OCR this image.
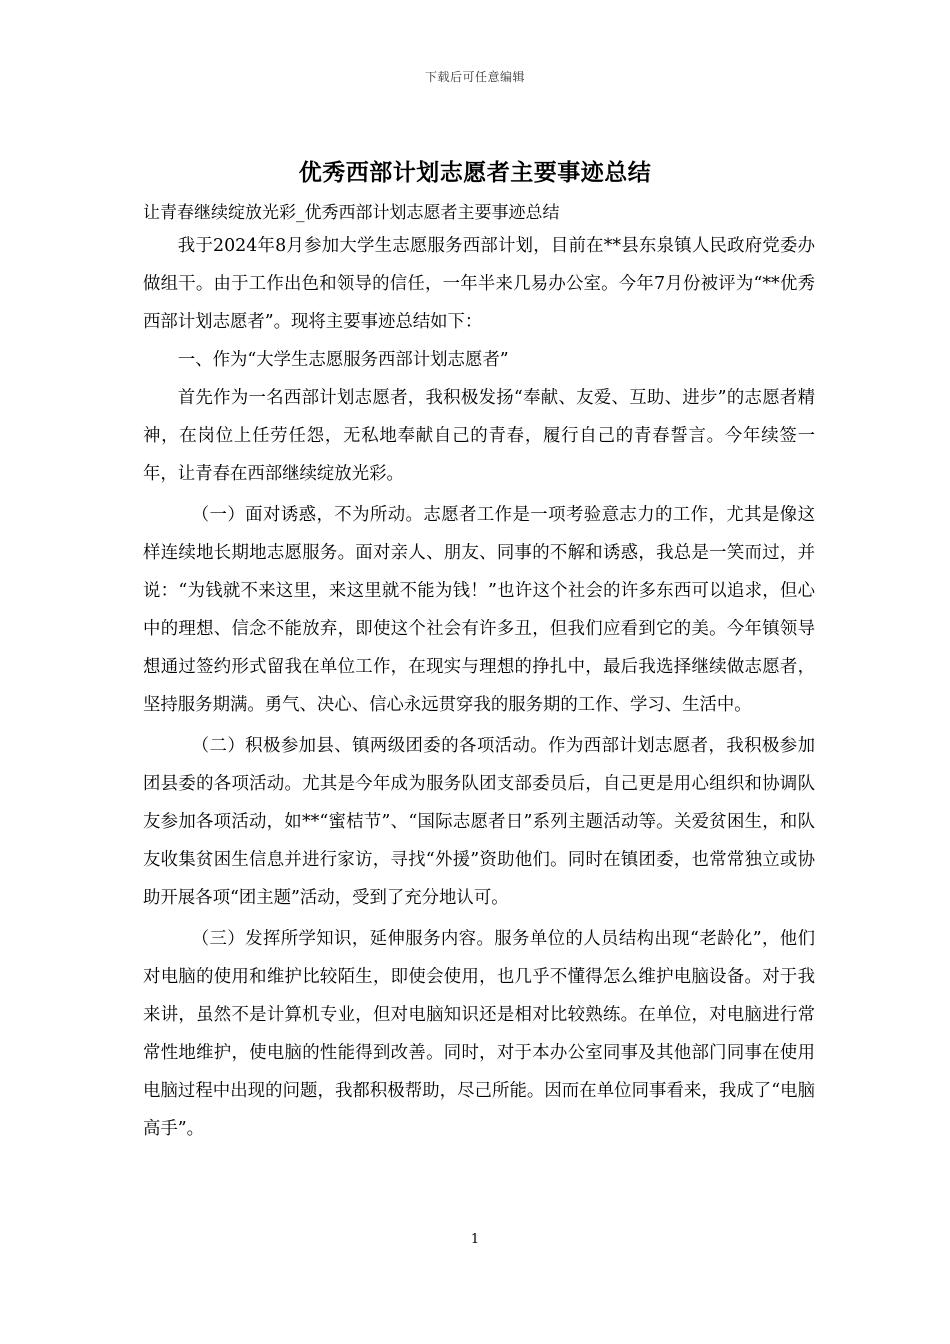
下载后可任意编辑
优秀西部计划志愿者主要事迹总结
让青春继续绽放光彩_优秀西部计划志愿者主要事迹总结

我于2024年8月参加大学生志愿服务西部计划，目前在**县东泉镇人民政府党委办做组干。由于工作出色和领导的信任，一年半来几易办公室。今年7月份被评为“**优秀西部计划志愿者”。现将主要事迹总结如下：

一、作为“大学生志愿服务西部计划志愿者”

首先作为一名西部计划志愿者，我积极发扬“奉献、友爱、互助、进步”的志愿者精神，在岗位上任劳任怨，无私地奉献自己的青春，履行自己的青春誓言。今年续签一年，让青春在西部继续绽放光彩。

（一）面对诱惑，不为所动。志愿者工作是一项考验意志力的工作，尤其是像这样连续地长期地志愿服务。面对亲人、朋友、同事的不解和诱惑，我总是一笑而过，并说：“为钱就不来这里，来这里就不能为钱！”也许这个社会的许多东西可以追求，但心中的理想、信念不能放弃，即使这个社会有许多丑，但我们应看到它的美。今年镇领导想通过签约形式留我在单位工作，在现实与理想的挣扎中，最后我选择继续做志愿者，坚持服务期满。勇气、决心、信心永远贯穿我的服务期的工作、学习、生活中。

（二）积极参加县、镇两级团委的各项活动。作为西部计划志愿者，我积极参加团县委的各项活动。尤其是今年成为服务队团支部委员后，自己更是用心组织和协调队友参加各项活动，如**“蜜桔节”、“国际志愿者日”系列主题活动等。关爱贫困生，和队友收集贫困生信息并进行家访，寻找“外援”资助他们。同时在镇团委，也常常独立或协助开展各项“团主题”活动，受到了充分地认可。

（三）发挥所学知识，延伸服务内容。服务单位的人员结构出现“老龄化”，他们对电脑的使用和维护比较陌生，即使会使用，也几乎不懂得怎么维护电脑设备。对于我来讲，虽然不是计算机专业，但对电脑知识还是相对比较熟练。在单位，对电脑进行常常性地维护，使电脑的性能得到改善。同时，对于本办公室同事及其他部门同事在使用电脑过程中出现的问题，我都积极帮助，尽己所能。因而在单位同事看来，我成了“电脑高手”。

1
